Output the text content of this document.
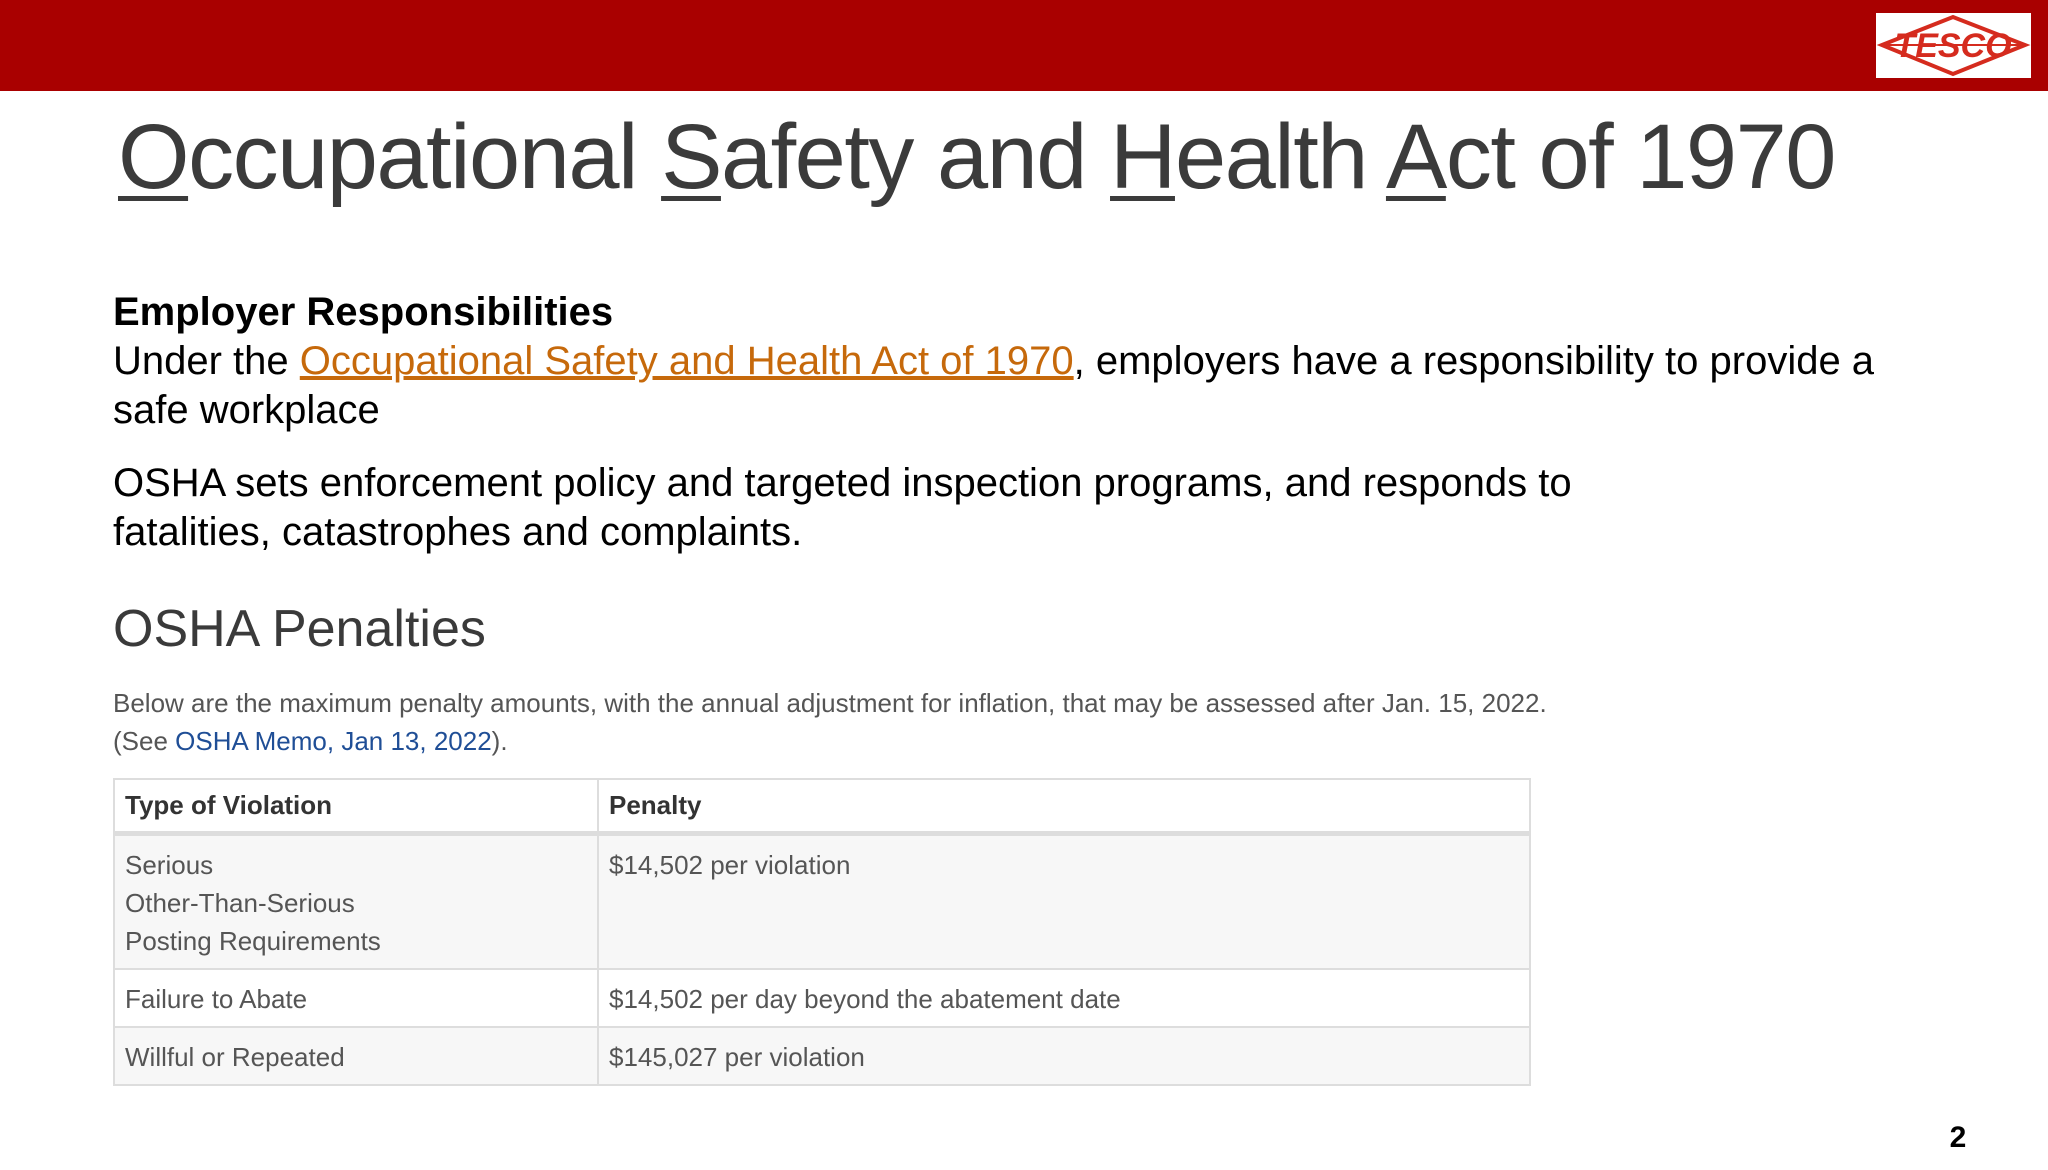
TESCO
Occupational Safety and Health Act of 1970
Employer Responsibilities
Under the Occupational Safety and Health Act of 1970, employers have a responsibility to provide a safe workplace
OSHA sets enforcement policy and targeted inspection programs, and responds to fatalities, catastrophes and complaints.
OSHA Penalties
Below are the maximum penalty amounts, with the annual adjustment for inflation, that may be assessed after Jan. 15, 2022. (See OSHA Memo, Jan 13, 2022).
Type of Violation	Penalty

Serious
Other-Than-Serious
Posting Requirements	$14,502 per violation

Failure to Abate	$14,502 per day beyond the abatement date

Willful or Repeated	$145,027 per violation
2
